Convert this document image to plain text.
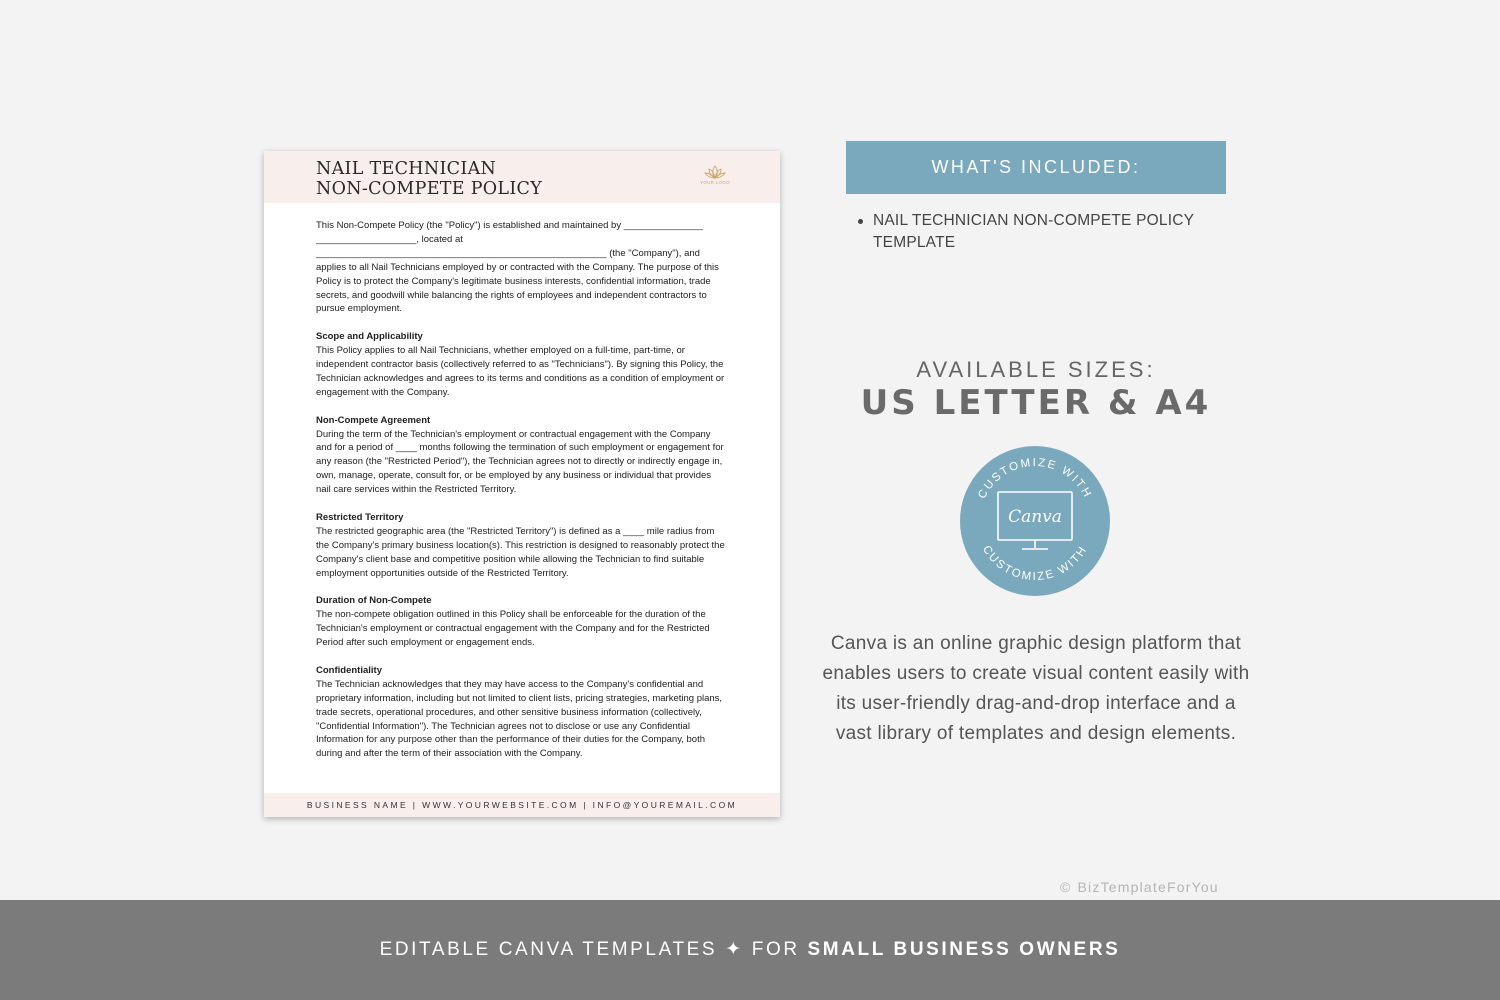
NAIL TECHNICIAN
NON-COMPETE POLICY	YOUR LOGO

This Non-Compete Policy (the "Policy") is established and maintained by _______________ ___________________, located at _______________________________________________________ (the "Company"), and applies to all Nail Technicians employed by or contracted with the Company. The purpose of this Policy is to protect the Company's legitimate business interests, confidential information, trade secrets, and goodwill while balancing the rights of employees and independent contractors to pursue employment.

Scope and Applicability
This Policy applies to all Nail Technicians, whether employed on a full-time, part-time, or independent contractor basis (collectively referred to as "Technicians"). By signing this Policy, the Technician acknowledges and agrees to its terms and conditions as a condition of employment or engagement with the Company.

Non-Compete Agreement
During the term of the Technician's employment or contractual engagement with the Company and for a period of ____ months following the termination of such employment or engagement for any reason (the "Restricted Period"), the Technician agrees not to directly or indirectly engage in, own, manage, operate, consult for, or be employed by any business or individual that provides nail care services within the Restricted Territory.

Restricted Territory
The restricted geographic area (the "Restricted Territory") is defined as a ____ mile radius from the Company's primary business location(s). This restriction is designed to reasonably protect the Company's client base and competitive position while allowing the Technician to find suitable employment opportunities outside of the Restricted Territory.

Duration of Non-Compete
The non-compete obligation outlined in this Policy shall be enforceable for the duration of the Technician's employment or contractual engagement with the Company and for the Restricted Period after such employment or engagement ends.

Confidentiality
The Technician acknowledges that they may have access to the Company's confidential and proprietary information, including but not limited to client lists, pricing strategies, marketing plans, trade secrets, operational procedures, and other sensitive business information (collectively, "Confidential Information"). The Technician agrees not to disclose or use any Confidential Information for any purpose other than the performance of their duties for the Company, both during and after the term of their association with the Company.

BUSINESS NAME | WWW.YOURWEBSITE.COM | INFO@YOUREMAIL.COM
WHAT'S INCLUDED:
NAIL TECHNICIAN NON-COMPETE POLICY TEMPLATE
AVAILABLE SIZES:
US LETTER & A4
CUSTOMIZE WITH
CUSTOMIZE WITH
Canva
Canva is an online graphic design platform that enables users to create visual content easily with its user-friendly drag-and-drop interface and a vast library of templates and design elements.
© BizTemplateForYou
EDITABLE CANVA TEMPLATES ✦ FOR SMALL BUSINESS OWNERS
